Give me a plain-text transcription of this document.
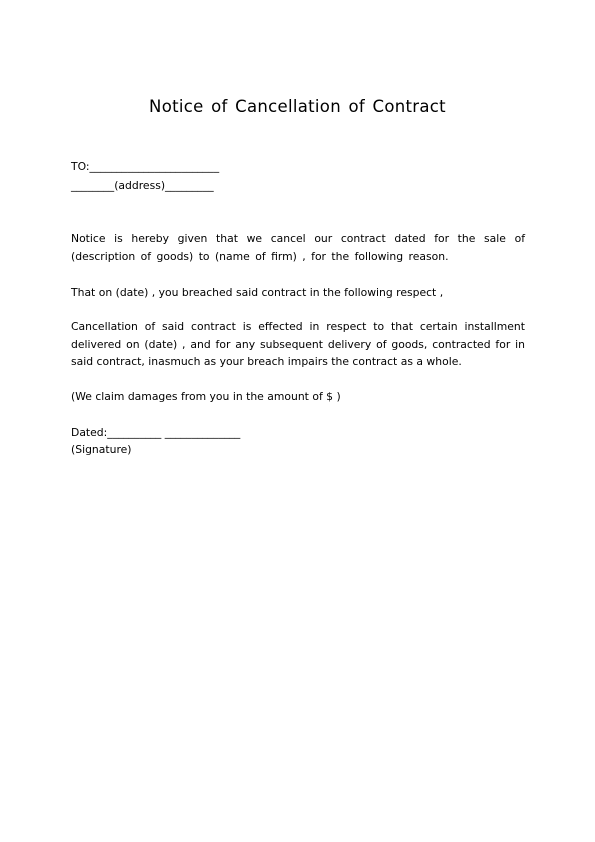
Notice of Cancellation of Contract
TO:________________________
________(address)_________
Notice is hereby given that we cancel our contract dated for the sale of (description of goods) to (name of firm) , for the following reason.
That on (date) , you breached said contract in the following respect ,
Cancellation of said contract is effected in respect to that certain installment delivered on (date) , and for any subsequent delivery of goods, contracted for in said contract, inasmuch as your breach impairs the contract as a whole.
(We claim damages from you in the amount of $ )
Dated:__________ ______________
(Signature)
